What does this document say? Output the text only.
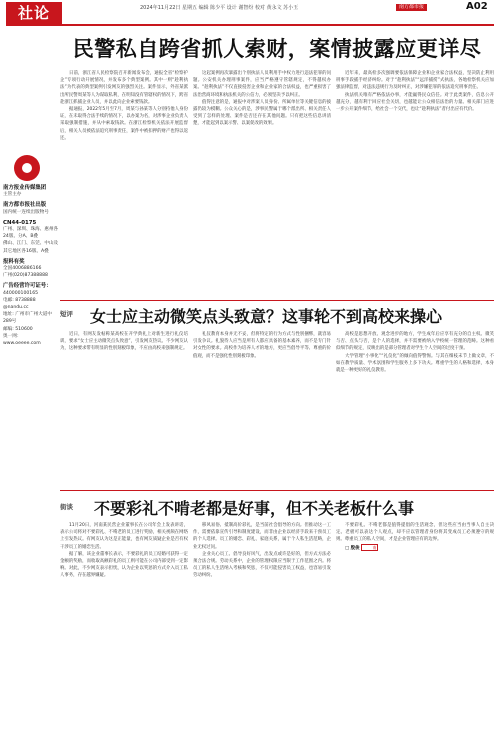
社论	2024年11月22日 星期五 编辑 陈少平 设计 谢智纷 校对 黄永文 苏小玉	南方都市报	A02
南方报业传媒集团
主管主办
南方都市报社出版
国内统一连续出版物号
CN44-0175
广州、深圳、珠海、惠州各
24版、分A、B叠
佛山、江门、东莞、中山及
其它地区各16版、A叠
报料有奖
全国4006886166
广州(020)87388888
广告经营许可证号：
440000100165
电邮: 8738888
@nandu.cc
地址: 广州市广州大道中
289号
邮编: 510600
奥一网：
www.oeeee.com
民警私自跨省抓人索财，案情披露应更详尽

日前，浙江省人民检察院召开新闻发布会，通报全省“检察护企”专项行动开展情况，并发布多个典型案例。其中一则“趁利执法”为代表的典型案例引发网友的强烈关注。案件显示，外省某派出所民警周某等人为谋取私利，在明知没有管辖权的情况下，跨省赴浙江抓捕企业人员，并以此向企业索要钱款。

据通报，2022年5月至7月，周某与孙某等人分别持他人身份证，在未取得合法手续的情况下，以办案为名，对涉事企业负责人采取强制措施，并从中索取钱款。在浙江检察机关依法开展监督后，相关人员被依法追究刑事责任，案件中被扣押的财产也得以返还。

这起案例再次暴露出个别执法人员利用手中权力进行违法犯罪的问题。公安机关办理刑事案件，应当严格遵守管辖规定，不得越权办案。“趁利执法”不仅直接侵害企业和企业家的合法权益，也严重损害了法治营商环境和执法机关的公信力，必须坚决予以纠正。

值得注意的是，通报中对涉案人员身份、所属单位等关键信息的披露仍较为模糊。公众关心的是，涉事民警属于哪个派出所、相关责任人受到了怎样的处理、案件是否还存在其他问题。只有把这些信息讲清楚，才能起到以案示警、以案促改的效果。

近年来，最高检多次强调要依法保障企业和企业家合法权益，坚决防止利用刑事手段插手经济纠纷。对于“趁利执法”“远洋捕捞”式执法，各地检察机关应加强法律监督，对违法违规行为及时纠正，对涉嫌犯罪的依法追究刑事责任。

执法机关唯有严格依法办事，才能赢得民众信任。对于此类案件，信息公开越充分，越有利于回应社会关切，也越能让公众相信法治的力量。相关部门应进一步公开案件细节，给社会一个交代，也让“趁利执法”者付出应有代价。

短评 女士应主动微笑点头致意？这事轮不到高校来操心

近日，有网友发帖称某高校在开学典礼上对新生进行礼仪培训，要求“女士应主动微笑点头致意”，引发网友热议。不少网友认为，这种要求带有明显的性别刻板印象，不应由高校来强制规定。

礼仪教育本身并无不妥，但将特定的行为方式与性别捆绑，就容易引发争议。礼貌待人应当是所有人都应具备的基本素养，而不是专门针对女性的要求。高校作为培养人才的地方，更应当倡导平等、尊重的价值观，而不是强化性别刻板印象。

高校是思想开放、观念进步的地方，学生成年后应享有充分的自主权。微笑与否、点头与否，是个人的选择，并不需要被纳入学校统一管理的范畴。这种看似细节的规定，反映出的是部分管理者对学生个人空间的过度干预。

大学管理“小事化”“礼仪化”的倾向值得警惕。与其在细枝末节上做文章，不如在教学质量、学术氛围和学生服务上多下功夫。尊重学生的人格和选择，本身就是一种更好的礼仪教育。

街谈 不要彩礼不啃老都是好事，但不关老板什么事

11月20日，河南某民营企业董事长在公司年会上发表讲话，表示公司将对不要彩礼、不啃老的员工进行奖励，相关视频在网络上引发热议。有网友认为这是正能量，也有网友质疑企业是否有权干涉员工的婚恋生活。

据了解，该企业董事长表示，不要彩礼的员工结婚可获得一定金额的奖励，而收取高额彩礼的员工则可能在公司内部受到一定影响。对此，不少网友表示担忧，认为企业以奖惩的方式介入员工私人事务，存在越界嫌疑。

移风易俗、抵制高价彩礼，是当前社会倡导的方向。但推动这一工作，需要依靠宣传引导和制度建设，而非由企业以经济手段来干预员工的个人选择。员工的婚恋、彩礼、家庭关系，属于个人私生活范畴，企业无权过问。

企业关心员工、倡导良好风气，出发点或许是好的，但方式方法必须合法合规。劳动关系中，企业的管理权限应当限于工作范围之内。将员工的私人生活纳入考核和奖惩，不仅可能侵害员工权益，也容易引发劳动纠纷。

不要彩礼、不啃老都是值得提倡的生活观念，但这些应当由当事人自主决定。老板可以表达个人观点，却不应以管理者身份将其变成员工必须遵守的规则。尊重员工的私人空间，才是企业管理应有的边界。

□ 殷俊	南
